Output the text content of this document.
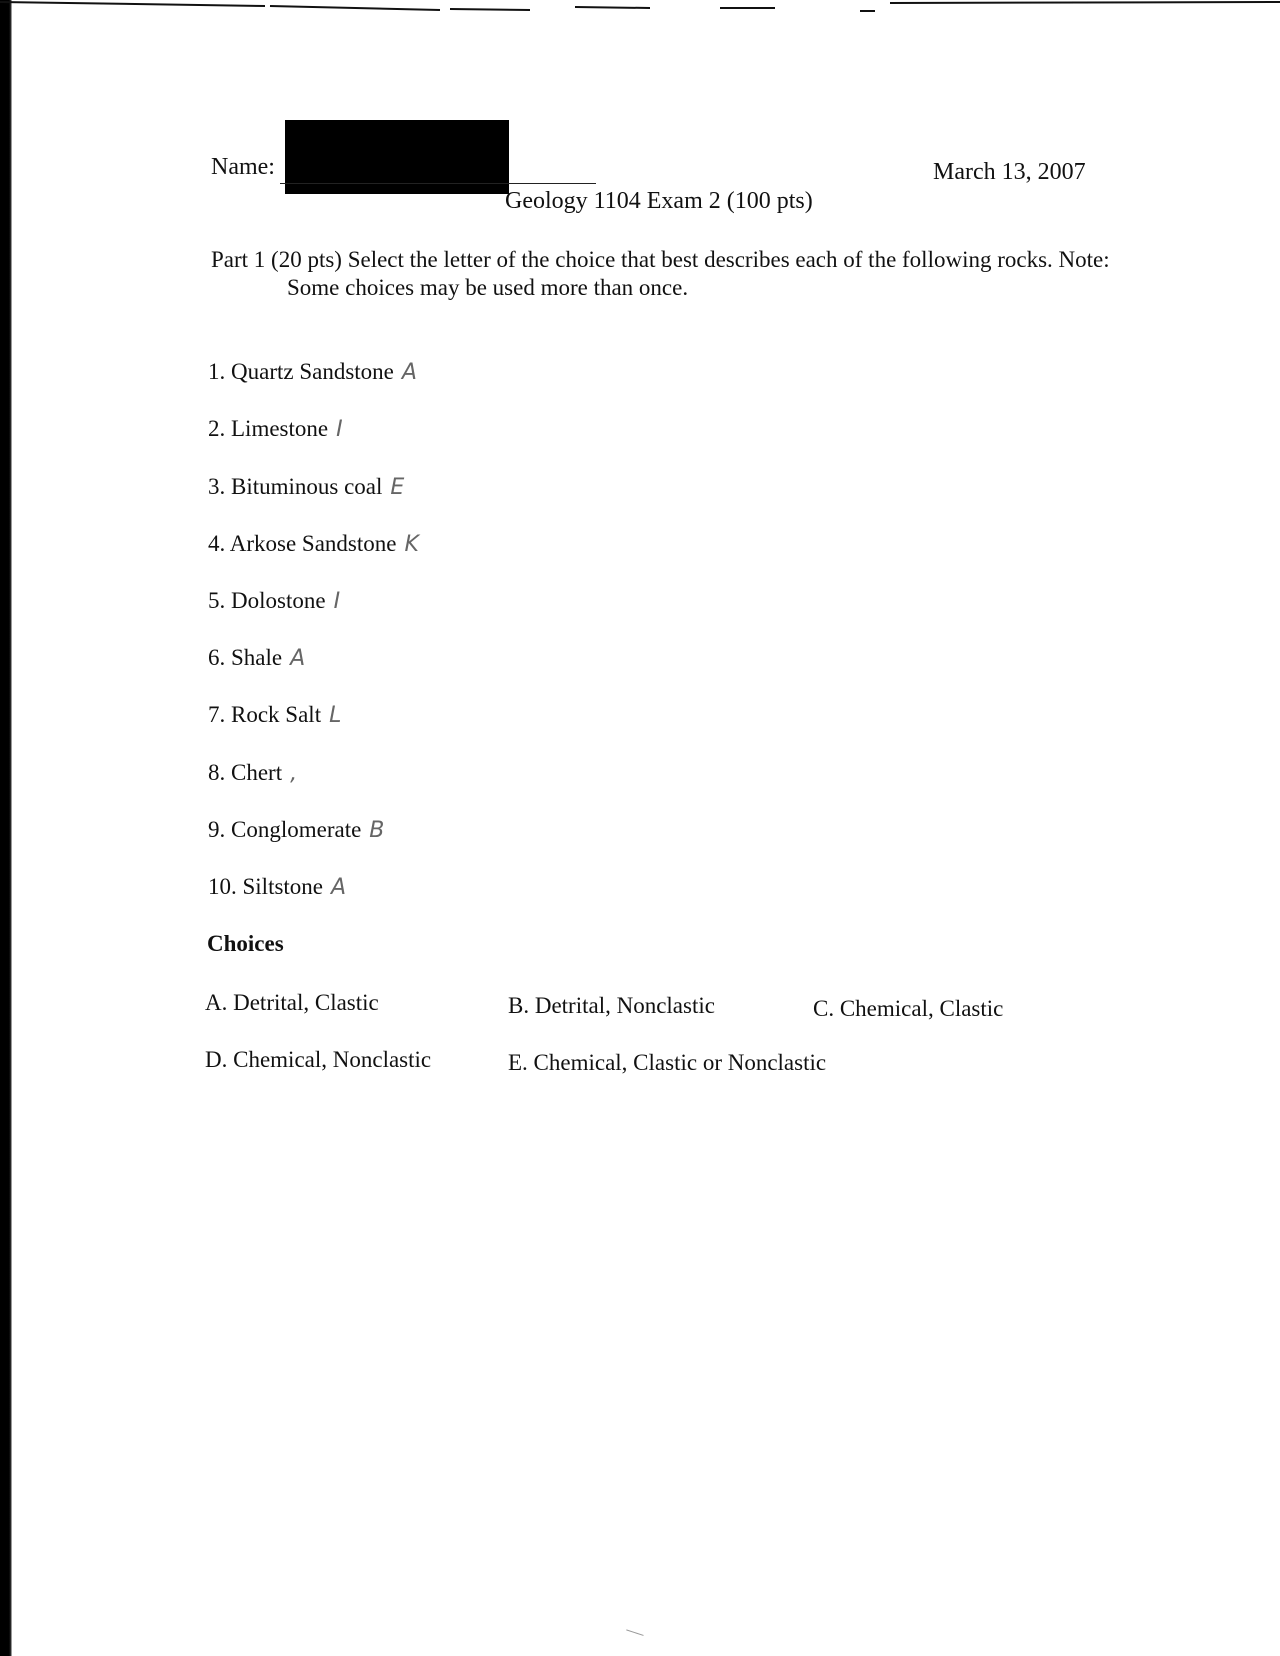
Name:	March 13, 2007
Geology 1104 Exam 2 (100 pts)
Part 1 (20 pts) Select the letter of the choice that best describes each of the following rocks. Note: Some choices may be used more than once.
1. Quartz Sandstone A
2. Limestone I
3. Bituminous coal E
4. Arkose Sandstone K
5. Dolostone I
6. Shale A
7. Rock Salt L
8. Chert ,
9. Conglomerate B
10. Siltstone A
Choices
A. Detrital, Clastic	B. Detrital, Nonclastic	C. Chemical, Clastic
D. Chemical, Nonclastic	E. Chemical, Clastic or Nonclastic
